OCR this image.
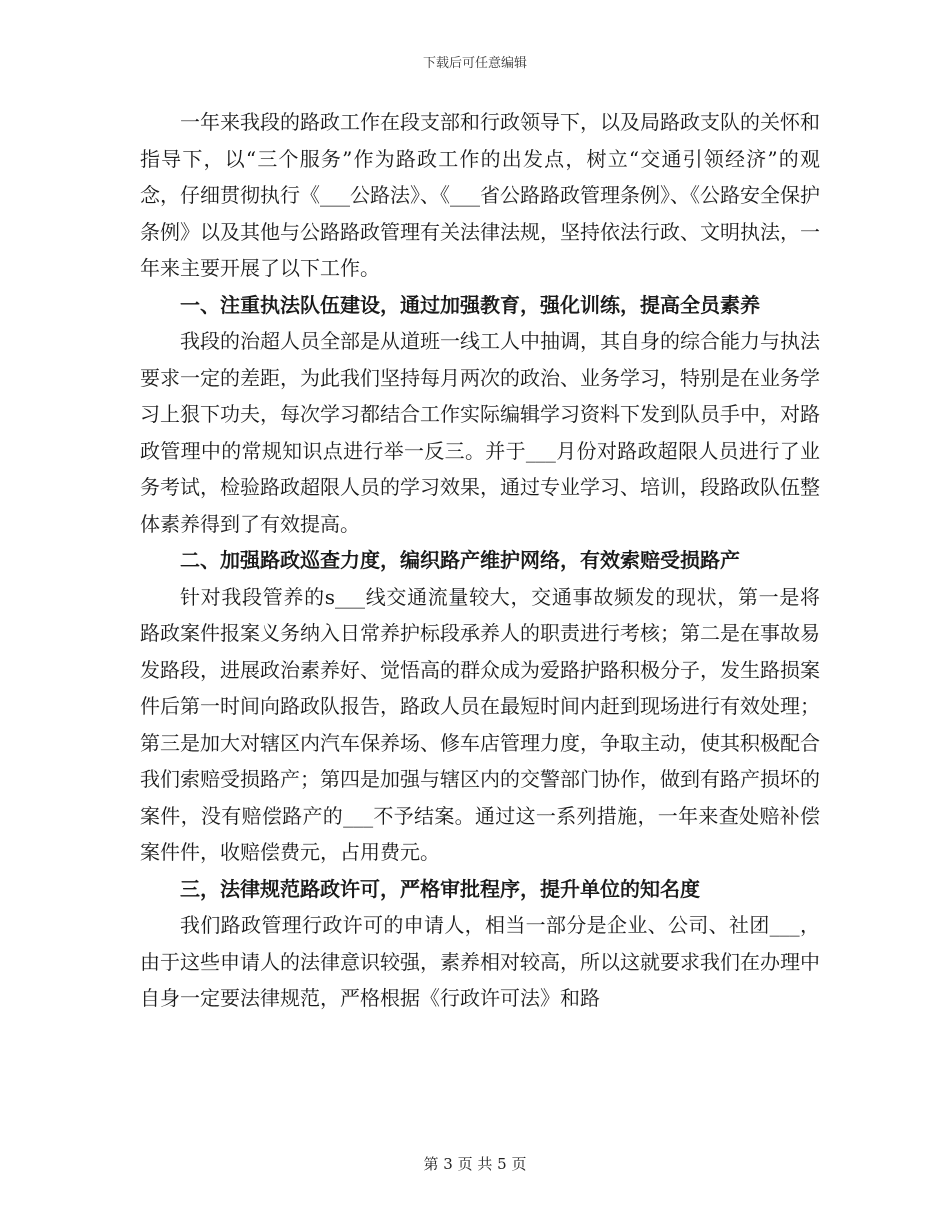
下载后可任意编辑

一年来我段的路政工作在段支部和行政领导下，以及局路政支队的关怀和指导下，以“三个服务”作为路政工作的出发点，树立“交通引领经济”的观念，仔细贯彻执行《___公路法》、《___省公路路政管理条例》、《公路安全保护条例》以及其他与公路路政管理有关法律法规，坚持依法行政、文明执法，一年来主要开展了以下工作。

一、注重执法队伍建设，通过加强教育，强化训练，提高全员素养

我段的治超人员全部是从道班一线工人中抽调，其自身的综合能力与执法要求一定的差距，为此我们坚持每月两次的政治、业务学习，特别是在业务学习上狠下功夫，每次学习都结合工作实际编辑学习资料下发到队员手中，对路政管理中的常规知识点进行举一反三。并于___月份对路政超限人员进行了业务考试，检验路政超限人员的学习效果，通过专业学习、培训，段路政队伍整体素养得到了有效提高。

二、加强路政巡查力度，编织路产维护网络，有效索赔受损路产

针对我段管养的s___线交通流量较大，交通事故频发的现状，第一是将路政案件报案义务纳入日常养护标段承养人的职责进行考核；第二是在事故易发路段，进展政治素养好、觉悟高的群众成为爱路护路积极分子，发生路损案件后第一时间向路政队报告，路政人员在最短时间内赶到现场进行有效处理；第三是加大对辖区内汽车保养场、修车店管理力度，争取主动，使其积极配合我们索赔受损路产；第四是加强与辖区内的交警部门协作，做到有路产损坏的案件，没有赔偿路产的___不予结案。通过这一系列措施，一年来查处赔补偿案件件，收赔偿费元，占用费元。

三，法律规范路政许可，严格审批程序，提升单位的知名度

我们路政管理行政许可的申请人，相当一部分是企业、公司、社团___，由于这些申请人的法律意识较强，素养相对较高，所以这就要求我们在办理中自身一定要法律规范，严格根据《行政许可法》和路

第 3 页 共 5 页
